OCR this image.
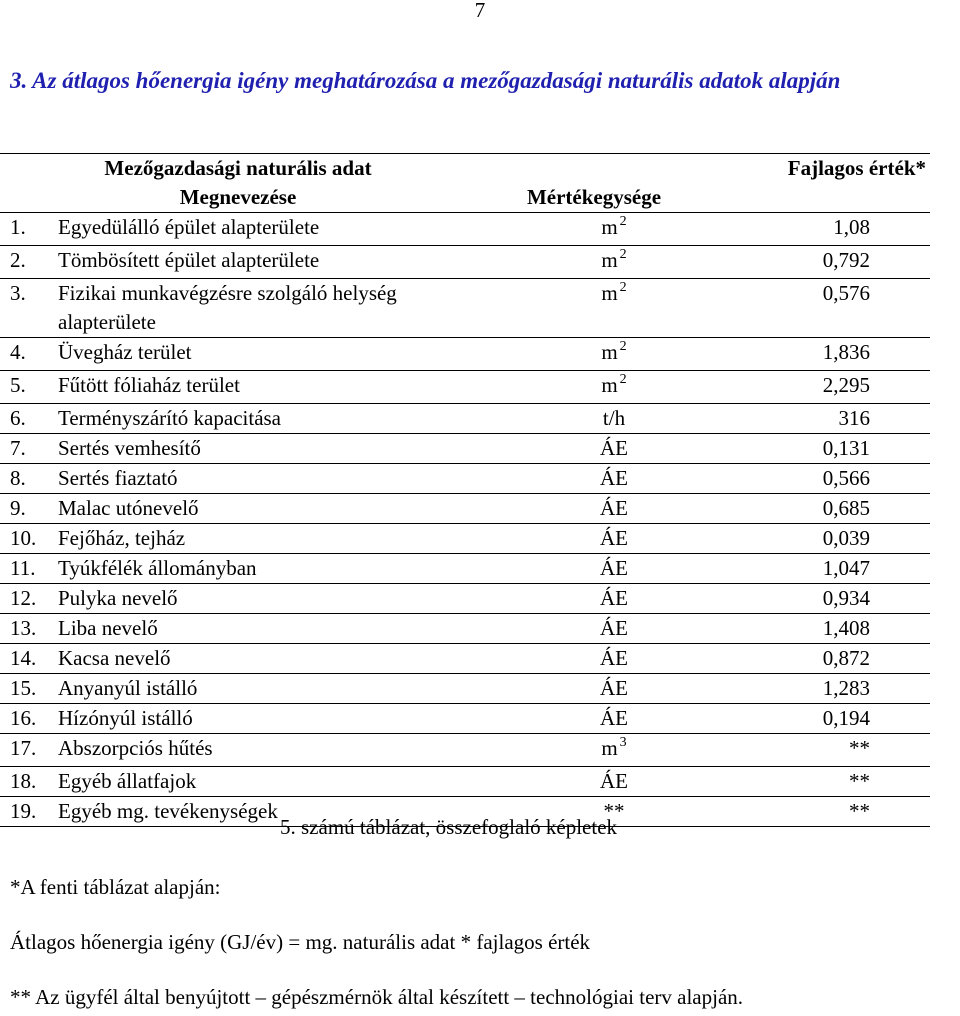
7
3. Az átlagos hőenergia igény meghatározása a mezőgazdasági naturális adatok alapján
Mezőgazdasági naturális adat			Fajlagos érték*
Megnevezése		Mértékegysége	
1.	Egyedülálló épület alapterülete	m $^2$	1,08
2.	Tömbösített épület alapterülete	m $^2$	0,792
3.	Fizikai munkavégzésre szolgáló helység
alapterülete	m $^2$	0,576
4.	Üvegház terület	m $^2$	1,836
5.	Fűtött fóliaház terület	m $^2$	2,295
6.	Terményszárító kapacitása	t/h	316
7.	Sertés vemhesítő	ÁE	0,131
8.	Sertés fiaztató	ÁE	0,566
9.	Malac utónevelő	ÁE	0,685
10.	Fejőház, tejház	ÁE	0,039
11.	Tyúkfélék állományban	ÁE	1,047
12.	Pulyka nevelő	ÁE	0,934
13.	Liba nevelő	ÁE	1,408
14.	Kacsa nevelő	ÁE	0,872
15.	Anyanyúl istálló	ÁE	1,283
16.	Hízónyúl istálló	ÁE	0,194
17.	Abszorpciós hűtés	m $^3$	**
18.	Egyéb állatfajok	ÁE	**
19.	Egyéb mg. tevékenységek	**	**
5. számú táblázat, összefoglaló képletek
*A fenti táblázat alapján:
Átlagos hőenergia igény (GJ/év) = mg. naturális adat * fajlagos érték
** Az ügyfél által benyújtott – gépészmérnök által készített – technológiai terv alapján.
